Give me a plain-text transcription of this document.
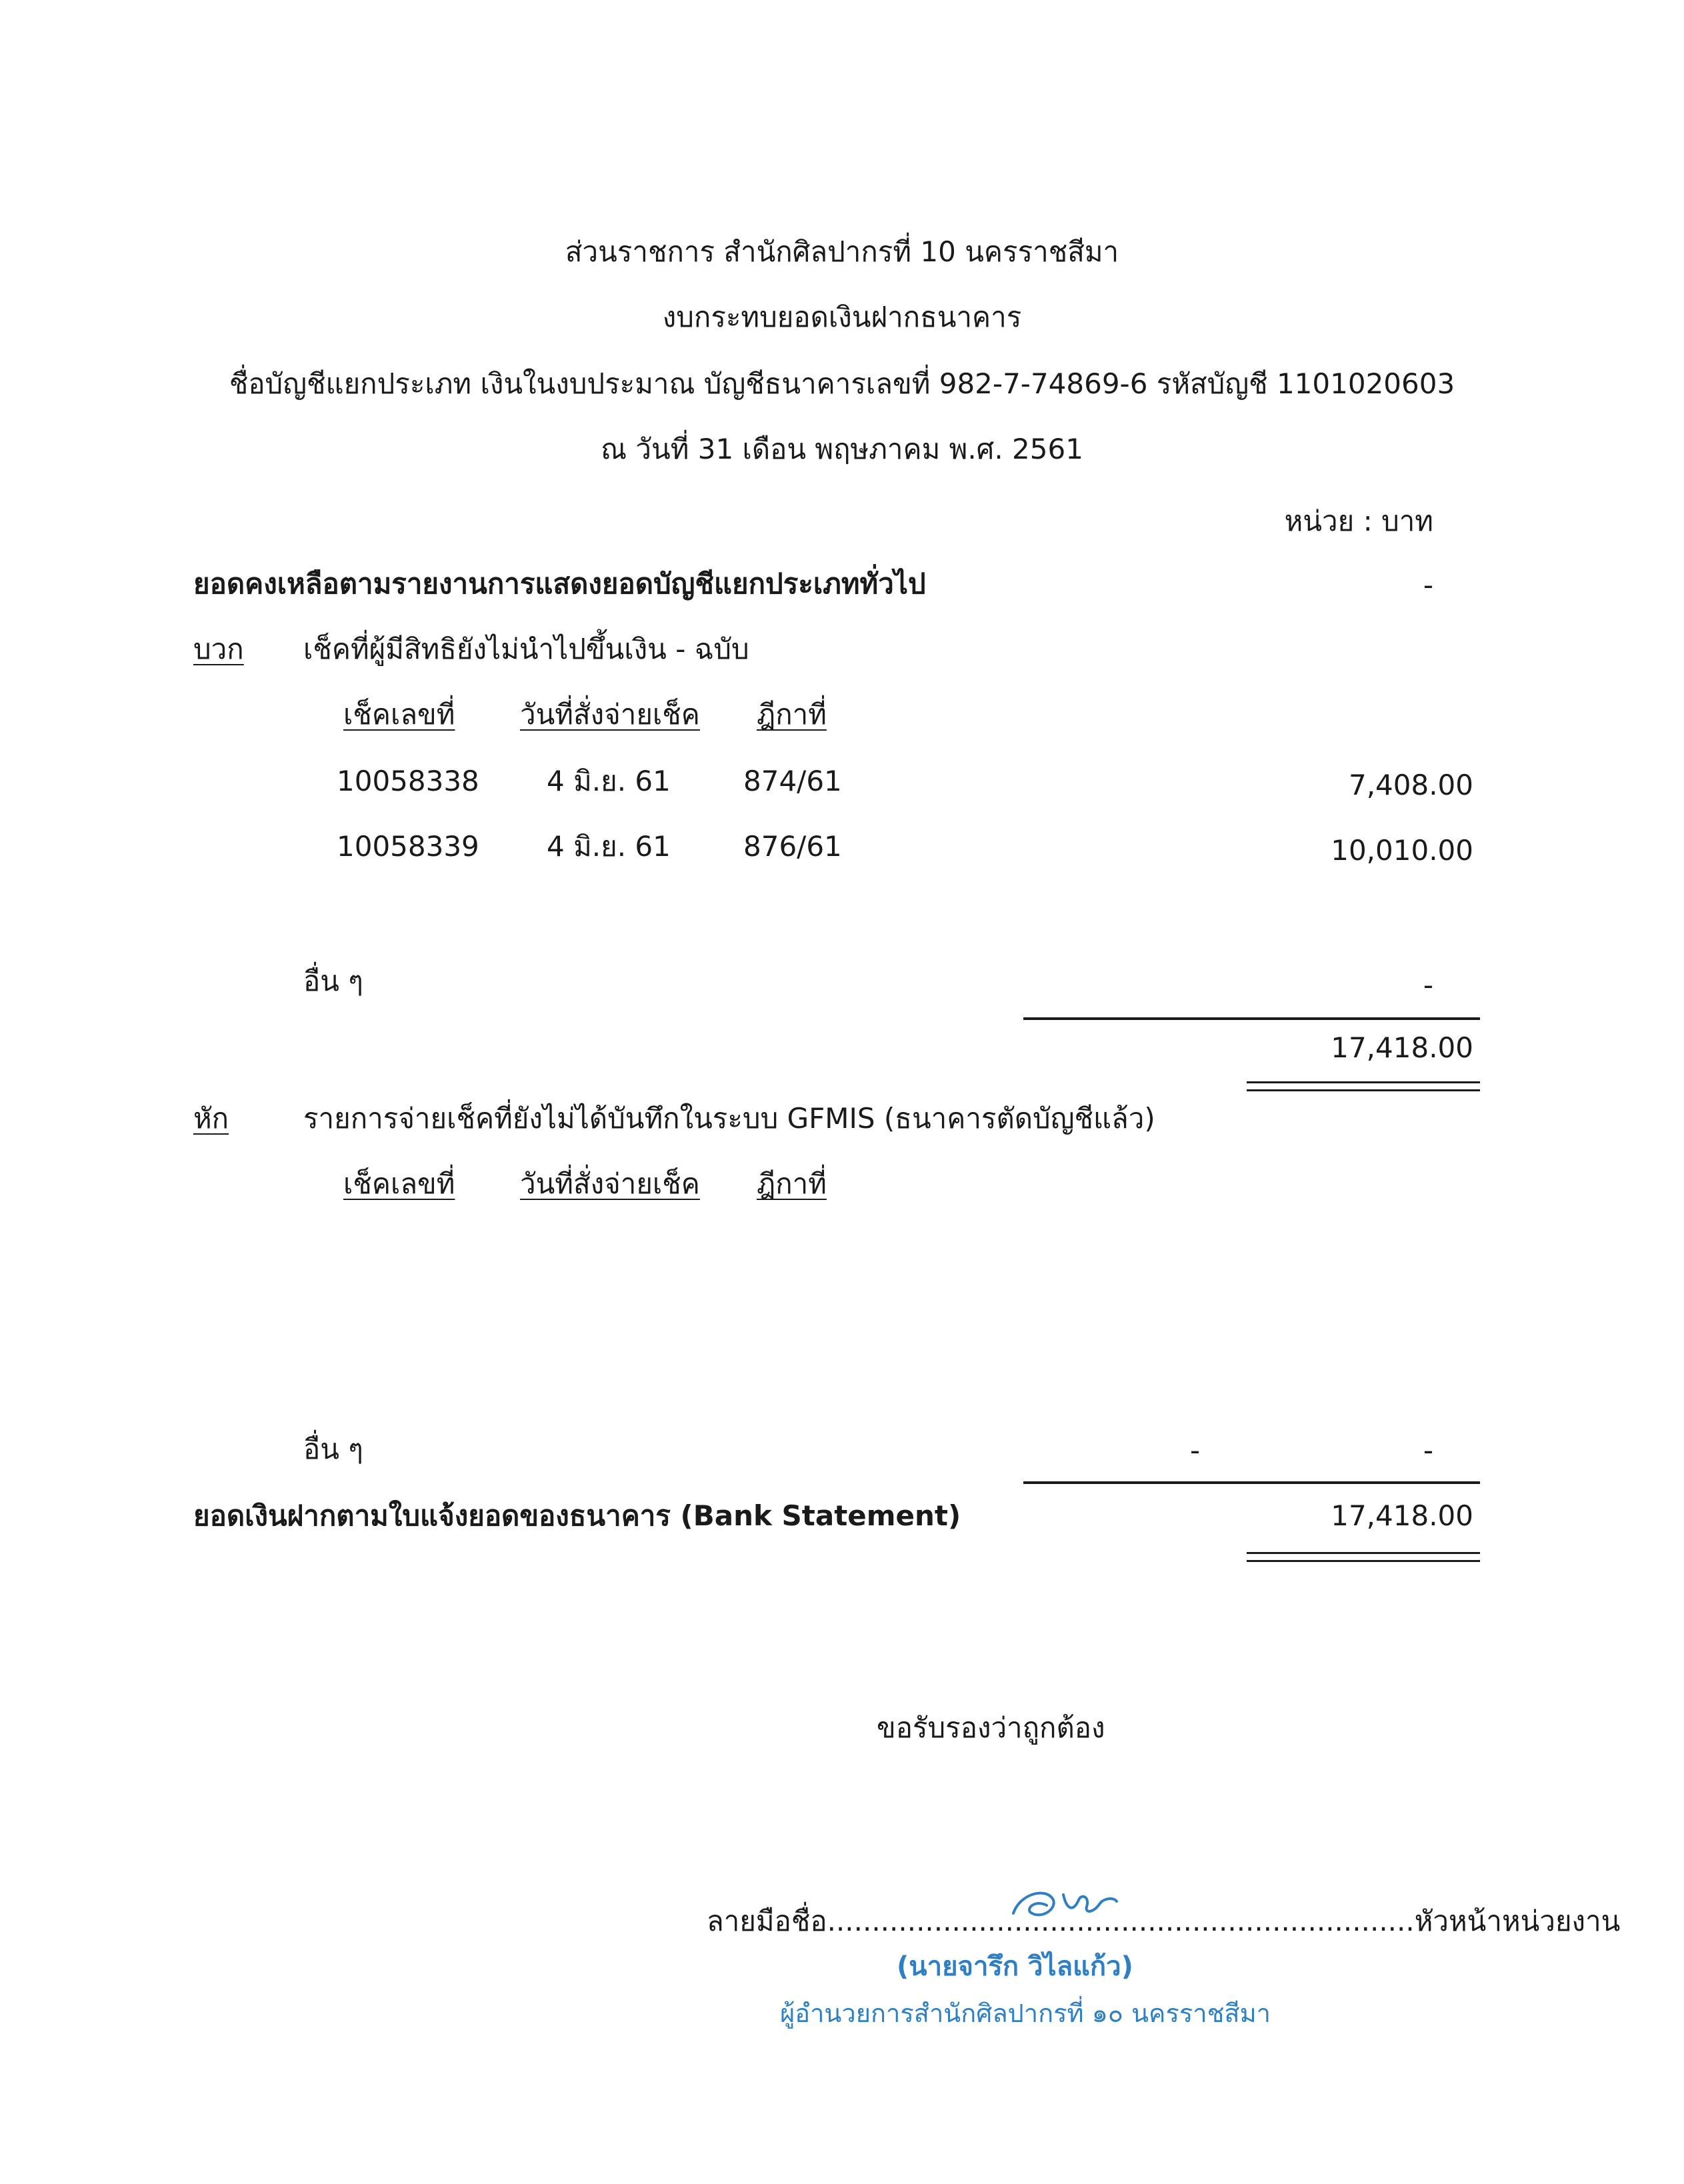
ส่วนราชการ สำนักศิลปากรที่ 10 นครราชสีมา
งบกระทบยอดเงินฝากธนาคาร
ชื่อบัญชีแยกประเภท เงินในงบประมาณ บัญชีธนาคารเลขที่ 982-7-74869-6 รหัสบัญชี 1101020603
ณ วันที่ 31 เดือน พฤษภาคม พ.ศ. 2561
หน่วย : บาท
ยอดคงเหลือตามรายงานการแสดงยอดบัญชีแยกประเภททั่วไป	-
บวก เช็คที่ผู้มีสิทธิยังไม่นำไปขึ้นเงิน - ฉบับ
เช็คเลขที่ วันที่สั่งจ่ายเช็ค ฎีกาที่
10058338 4 มิ.ย. 61	874/61	7,408.00
10058339 4 มิ.ย. 61	876/61	10,010.00
อื่น ๆ	-
17,418.00
หัก	รายการจ่ายเช็คที่ยังไม่ได้บันทึกในระบบ GFMIS (ธนาคารตัดบัญชีแล้ว)
เช็คเลขที่ วันที่สั่งจ่ายเช็ค ฎีกาที่
อื่น ๆ	-	-
ยอดเงินฝากตามใบแจ้งยอดของธนาคาร (Bank Statement)	17,418.00
ขอรับรองว่าถูกต้อง
ลายมือชื่อ..................................................................หัวหน้าหน่วยงาน
(นายจารึก วิไลแก้ว)
ผู้อำนวยการสำนักศิลปากรที่ ๑๐ นครราชสีมา
